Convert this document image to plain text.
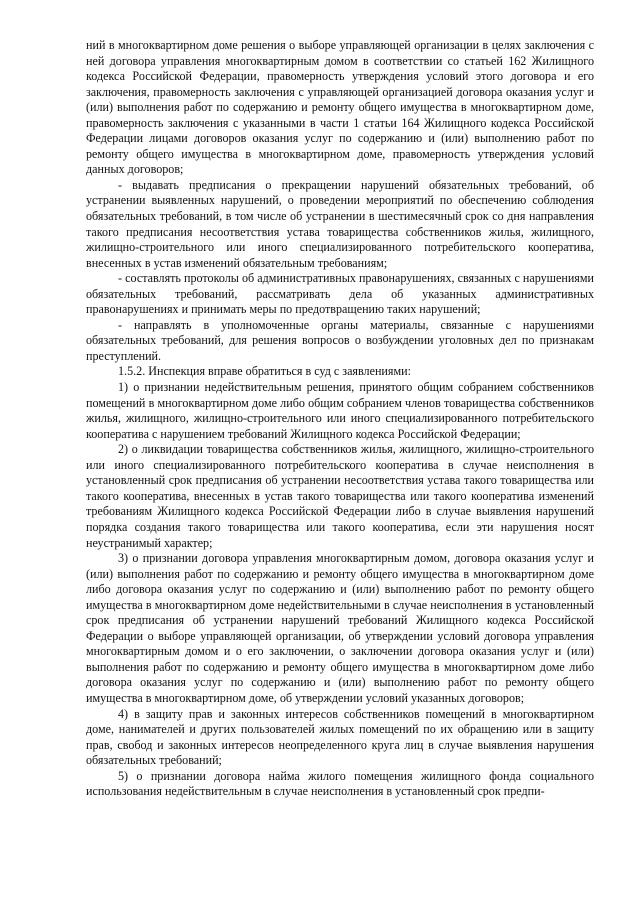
ний в многоквартирном доме решения о выборе управляющей организации в целях заключения с ней договора управления многоквартирным домом в соответствии со статьей 162 Жилищного кодекса Российской Федерации, правомерность утверждения условий этого договора и его заключения, правомерность заключения с управляющей организацией договора оказания услуг и (или) выполнения работ по содержанию и ремонту общего имущества в многоквартирном доме, правомерность заключения с указанными в части 1 статьи 164 Жилищного кодекса Российской Федерации лицами договоров оказания услуг по содержанию и (или) выполнению работ по ремонту общего имущества в многоквартирном доме, правомерность утверждения условий данных договоров;

- выдавать предписания о прекращении нарушений обязательных требований, об устранении выявленных нарушений, о проведении мероприятий по обеспечению соблюдения обязательных требований, в том числе об устранении в шестимесячный срок со дня направления такого предписания несоответствия устава товарищества собственников жилья, жилищного, жилищно-строительного или иного специализированного потребительского кооператива, внесенных в устав изменений обязательным требованиям;

- составлять протоколы об административных правонарушениях, связанных с нарушениями обязательных требований, рассматривать дела об указанных административных правонарушениях и принимать меры по предотвращению таких нарушений;

- направлять в уполномоченные органы материалы, связанные с нарушениями обязательных требований, для решения вопросов о возбуждении уголовных дел по признакам преступлений.

1.5.2. Инспекция вправе обратиться в суд с заявлениями:

1) о признании недействительным решения, принятого общим собранием собственников помещений в многоквартирном доме либо общим собранием членов товарищества собственников жилья, жилищного, жилищно-строительного или иного специализированного потребительского кооператива с нарушением требований Жилищного кодекса Российской Федерации;

2) о ликвидации товарищества собственников жилья, жилищного, жилищно-строительного или иного специализированного потребительского кооператива в случае неисполнения в установленный срок предписания об устранении несоответствия устава такого товарищества или такого кооператива, внесенных в устав такого товарищества или такого кооператива изменений требованиям Жилищного кодекса Российской Федерации либо в случае выявления нарушений порядка создания такого товарищества или такого кооператива, если эти нарушения носят неустранимый характер;

3) о признании договора управления многоквартирным домом, договора оказания услуг и (или) выполнения работ по содержанию и ремонту общего имущества в многоквартирном доме либо договора оказания услуг по содержанию и (или) выполнению работ по ремонту общего имущества в многоквартирном доме недействительными в случае неисполнения в установленный срок предписания об устранении нарушений требований Жилищного кодекса Российской Федерации о выборе управляющей организации, об утверждении условий договора управления многоквартирным домом и о его заключении, о заключении договора оказания услуг и (или) выполнения работ по содержанию и ремонту общего имущества в многоквартирном доме либо договора оказания услуг по содержанию и (или) выполнению работ по ремонту общего имущества в многоквартирном доме, об утверждении условий указанных договоров;

4) в защиту прав и законных интересов собственников помещений в многоквартирном доме, нанимателей и других пользователей жилых помещений по их обращению или в защиту прав, свобод и законных интересов неопределенного круга лиц в случае выявления нарушения обязательных требований;

5) о признании договора найма жилого помещения жилищного фонда социального использования недействительным в случае неисполнения в установленный срок предпи-
